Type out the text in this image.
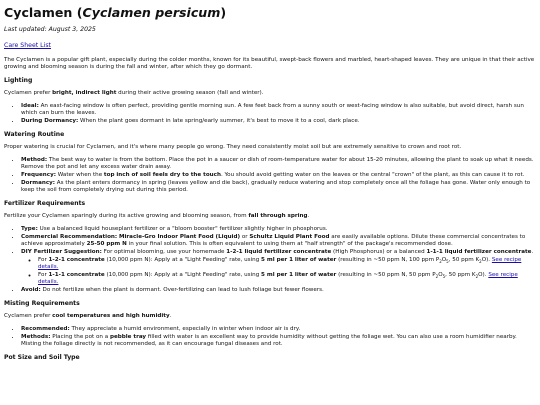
Cyclamen (Cyclamen persicum)
Last updated: August 3, 2025
Care Sheet List

The Cyclamen is a popular gift plant, especially during the colder months, known for its beautiful, swept-back flowers and marbled, heart-shaped leaves. They are unique in that their active growing and blooming season is during the fall and winter, after which they go dormant.

Lighting

Cyclamen prefer bright, indirect light during their active growing season (fall and winter).

• Ideal: An east-facing window is often perfect, providing gentle morning sun. A few feet back from a sunny south or west-facing window is also suitable, but avoid direct, harsh sun which can burn the leaves.
• During Dormancy: When the plant goes dormant in late spring/early summer, it's best to move it to a cool, dark place.
Watering Routine

Proper watering is crucial for Cyclamen, and it's where many people go wrong. They need consistently moist soil but are extremely sensitive to crown and root rot.

• Method: The best way to water is from the bottom. Place the pot in a saucer or dish of room-temperature water for about 15-20 minutes, allowing the plant to soak up what it needs. Remove the pot and let any excess water drain away.
• Frequency: Water when the top inch of soil feels dry to the touch. You should avoid getting water on the leaves or the central "crown" of the plant, as this can cause it to rot.
• Dormancy: As the plant enters dormancy in spring (leaves yellow and die back), gradually reduce watering and stop completely once all the foliage has gone. Water only enough to keep the soil from completely drying out during this period.
Fertilizer Requirements

Fertilize your Cyclamen sparingly during its active growing and blooming season, from fall through spring.

• Type: Use a balanced liquid houseplant fertilizer or a "bloom booster" fertilizer slightly higher in phosphorus.
• Commercial Recommendation: Miracle-Gro Indoor Plant Food (Liquid) or Schultz Liquid Plant Food are easily available options. Dilute these commercial concentrates to achieve approximately 25-50 ppm N in your final solution. This is often equivalent to using them at "half strength" of the package's recommended dose.
• DIY Fertilizer Suggestion: For optimal blooming, use your homemade 1-2-1 liquid fertilizer concentrate (High Phosphorus) or a balanced 1-1-1 liquid fertilizer concentrate.
◦ For 1-2-1 concentrate (10,000 ppm N): Apply at a "Light Feeding" rate, using 5 ml per 1 liter of water (resulting in ~50 ppm N, 100 ppm $P_2O_5$, 50 ppm $K_2O$). See recipe details.
◦ For 1-1-1 concentrate (10,000 ppm N): Apply at a "Light Feeding" rate, using 5 ml per 1 liter of water (resulting in ~50 ppm N, 50 ppm $P_2O_5$, 50 ppm $K_2O$). See recipe details.
• Avoid: Do not fertilize when the plant is dormant. Over-fertilizing can lead to lush foliage but fewer flowers.
Misting Requirements

Cyclamen prefer cool temperatures and high humidity.

• Recommended: They appreciate a humid environment, especially in winter when indoor air is dry.
• Methods: Placing the pot on a pebble tray filled with water is an excellent way to provide humidity without getting the foliage wet. You can also use a room humidifier nearby. Misting the foliage directly is not recommended, as it can encourage fungal diseases and rot.
Pot Size and Soil Type
